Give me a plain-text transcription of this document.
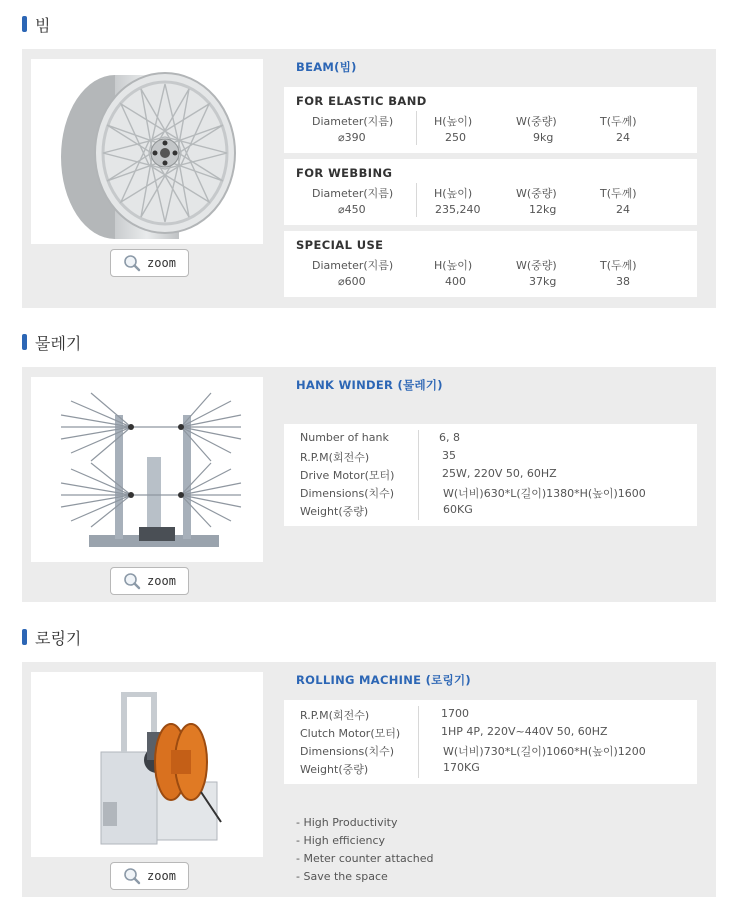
빔
zoom
BEAM(빔)
FOR ELASTIC BAND
Diameter(지름)	H(높이)	W(중량)	T(두께)
⌀390	250	9kg	24
FOR WEBBING
Diameter(지름)	H(높이)	W(중량)	T(두께)
⌀450	235,240	12kg	24
SPECIAL USE
Diameter(지름)	H(높이)	W(중량)	T(두께)
⌀600	400	37kg	38
물레기
zoom
HANK WINDER (물레기)
Number of hank	6, 8
R.P.M(회전수)	35
Drive Motor(모터)	25W, 220V 50, 60HZ
Dimensions(치수)	W(너비)630*L(길이)1380*H(높이)1600
Weight(중량)	60KG
로링기
zoom
ROLLING MACHINE (로링기)
R.P.M(회전수)	1700
Clutch Motor(모터)	1HP 4P, 220V~440V 50, 60HZ
Dimensions(치수)	W(너비)730*L(길이)1060*H(높이)1200
Weight(중량)	170KG
- High Productivity
- High efficiency
- Meter counter attached
- Save the space
